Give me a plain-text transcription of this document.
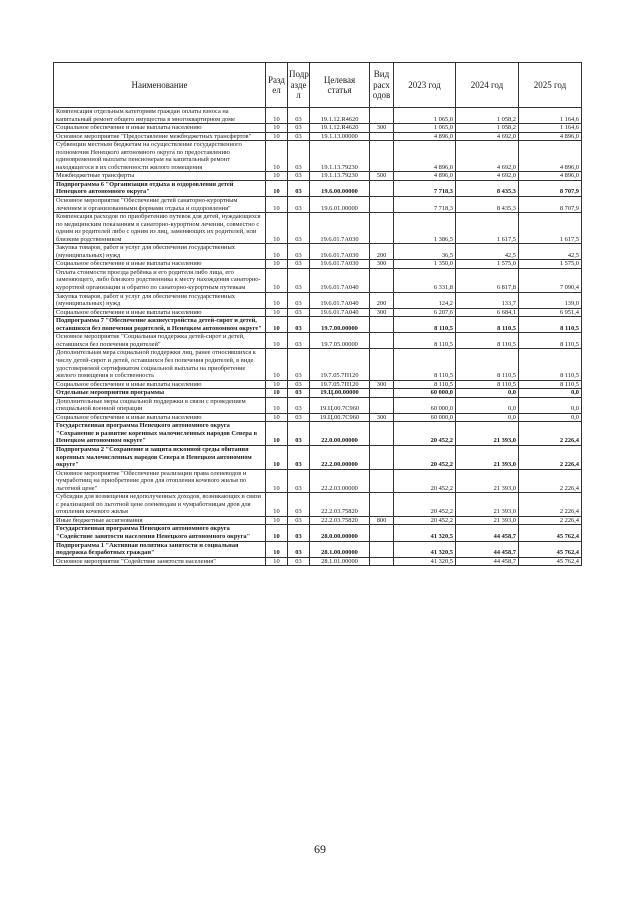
Наименование	Разд ел	Подр азде л	Целевая статья	Вид расх одов	2023 год	2024 год	2025 год
Компенсация отдельным категориям граждан оплаты взноса на капитальный ремонт общего имущества в многоквартирном доме	10	03	19.1.12.R4620		1 065,0	1 058,2	1 164,6
Социальное обеспечение и иные выплаты населению	10	03	19.1.12.R4620	300	1 065,0	1 058,2	1 164,6
Основное мероприятие "Предоставление межбюджетных трансфертов"	10	03	19.1.13.00000		4 896,0	4 692,0	4 896,0
Субвенции местным бюджетам на осуществление государственного полномочия Ненецкого автономного округа по предоставлению единовременной выплаты пенсионерам на капитальный ремонт находящегося в их собственности жилого помещения	10	03	19.1.13.79230		4 896,0	4 692,0	4 896,0
Межбюджетные трансферты	10	03	19.1.13.79230	500	4 896,0	4 692,0	4 896,0
Подпрограмма 6 "Организация отдыха и оздоровления детей Ненецкого автономного округа"	10	03	19.6.00.00000		7 718,3	8 435,3	8 707,9
Основное мероприятие "Обеспечение детей санаторно-курортным лечением и организованными формами отдыха и оздоровления"	10	03	19.6.01.00000		7 718,3	8 435,3	8 707,9
Компенсация расходов по приобретению путевок для детей, нуждающихся по медицинским показаниям в санаторно-курортном лечении, совместно с одним из родителей либо с одним из лиц, заменяющих их родителей, или близким родственником	10	03	19.6.01.7А030		1 386,5	1 617,5	1 617,5
Закупка товаров, работ и услуг для обеспечения государственных (муниципальных) нужд	10	03	19.6.01.7А030	200	36,5	42,5	42,5
Социальное обеспечение и иные выплаты населению	10	03	19.6.01.7А030	300	1 350,0	1 575,0	1 575,0
Оплата стоимости проезда ребёнка и его родителя либо лица, его заменяющего, либо близкого родственника к месту нахождения санаторно-курортной организации и обратно по санаторно-курортным путевкам	10	03	19.6.01.7А040		6 331,8	6 817,8	7 090,4
Закупка товаров, работ и услуг для обеспечения государственных (муниципальных) нужд	10	03	19.6.01.7А040	200	124,2	133,7	139,0
Социальное обеспечение и иные выплаты населению	10	03	19.6.01.7А040	300	6 207,6	6 684,1	6 951,4
Подпрограмма 7 "Обеспечение жизнеустройства детей-сирот и детей, оставшихся без попечения родителей, в Ненецком автономном округе"	10	03	19.7.00.00000		8 110,5	8 110,5	8 110,5
Основное мероприятие "Социальная поддержка детей-сирот и детей, оставшихся без попечения родителей"	10	03	19.7.05.00000		8 110,5	8 110,5	8 110,5
Дополнительная мера социальной поддержки лиц, ранее относившихся к числу детей-сирот и детей, оставшихся без попечения родителей, в виде удостоверяемой сертификатом социальной выплаты на приобретение жилого помещения в собственность	10	03	19.7.05.7П120		8 110,5	8 110,5	8 110,5
Социальное обеспечение и иные выплаты населению	10	03	19.7.05.7П120	300	8 110,5	8 110,5	8 110,5
Отдельные мероприятия программы	10	03	19.Ц.00.00000		60 000,0	0,0	0,0
Дополнительные меры социальной поддержки в связи с проведением специальной военной операции	10	03	19.Ц.00.7С960		60 000,0	0,0	0,0
Социальное обеспечение и иные выплаты населению	10	03	19.Ц.00.7С960	300	60 000,0	0,0	0,0
Государственная программа Ненецкого автономного округа "Сохранение и развитие коренных малочисленных народов Севера в Ненецком автономном округе"	10	03	22.0.00.00000		20 452,2	21 393,0	2 226,4
Подпрограмма 2 "Сохранение и защита исконной среды обитания коренных малочисленных народов Севера в Ненецком автономном округе"	10	03	22.2.00.00000		20 452,2	21 393,0	2 226,4
Основное мероприятие "Обеспечение реализации права оленеводов и чумработниц на приобретение дров для отопления кочевого жилья по льготной цене"	10	03	22.2.03.00000		20 452,2	21 393,0	2 226,4
Субсидии для возмещения недополученных доходов, возникающих в связи с реализацией по льготной цене оленеводам и чумработницам дров для отопления кочевого жилья	10	03	22.2.03.75820		20 452,2	21 393,0	2 226,4
Иные бюджетные ассигнования	10	03	22.2.03.75820	800	20 452,2	21 393,0	2 226,4
Государственная программа Ненецкого автономного округа "Содействие занятости населения Ненецкого автономного округа"	10	03	28.0.00.00000		41 320,5	44 458,7	45 762,4
Подпрограмма 1 "Активная политика занятости и социальная поддержка безработных граждан"	10	03	28.1.00.00000		41 320,5	44 458,7	45 762,4
Основное мероприятие "Содействие занятости населения"	10	03	28.1.01.00000		41 320,5	44 458,7	45 762,4
69
